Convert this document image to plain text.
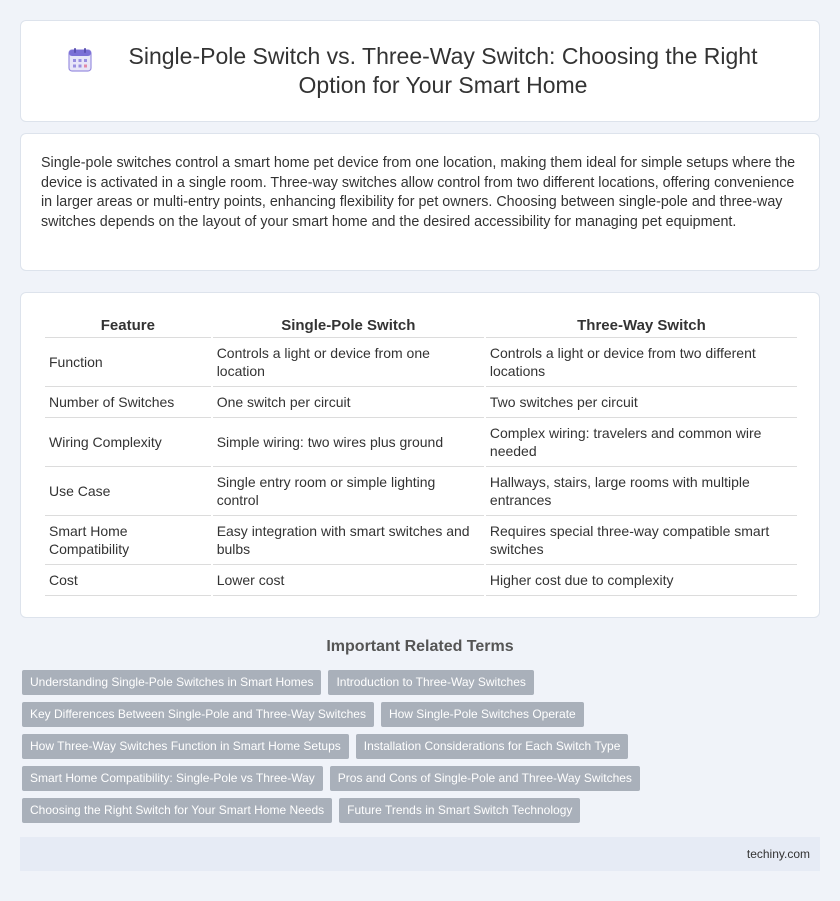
Single-Pole Switch vs. Three-Way Switch: Choosing the Right Option for Your Smart Home

Single-pole switches control a smart home pet device from one location, making them ideal for simple setups where the device is activated in a single room. Three-way switches allow control from two different locations, offering convenience in larger areas or multi-entry points, enhancing flexibility for pet owners. Choosing between single-pole and three-way switches depends on the layout of your smart home and the desired accessibility for managing pet equipment.

Feature	Single-Pole Switch	Three-Way Switch
Function	Controls a light or device from one location	Controls a light or device from two different locations
Number of Switches	One switch per circuit	Two switches per circuit
Wiring Complexity	Simple wiring: two wires plus ground	Complex wiring: travelers and common wire needed
Use Case	Single entry room or simple lighting control	Hallways, stairs, large rooms with multiple entrances
Smart Home Compatibility	Easy integration with smart switches and bulbs	Requires special three-way compatible smart switches
Cost	Lower cost	Higher cost due to complexity
Important Related Terms
Understanding Single-Pole Switches in Smart Homes	Introduction to Three-Way Switches
Key Differences Between Single-Pole and Three-Way Switches	How Single-Pole Switches Operate
How Three-Way Switches Function in Smart Home Setups	Installation Considerations for Each Switch Type
Smart Home Compatibility: Single-Pole vs Three-Way	Pros and Cons of Single-Pole and Three-Way Switches
Choosing the Right Switch for Your Smart Home Needs	Future Trends in Smart Switch Technology
techiny.com
